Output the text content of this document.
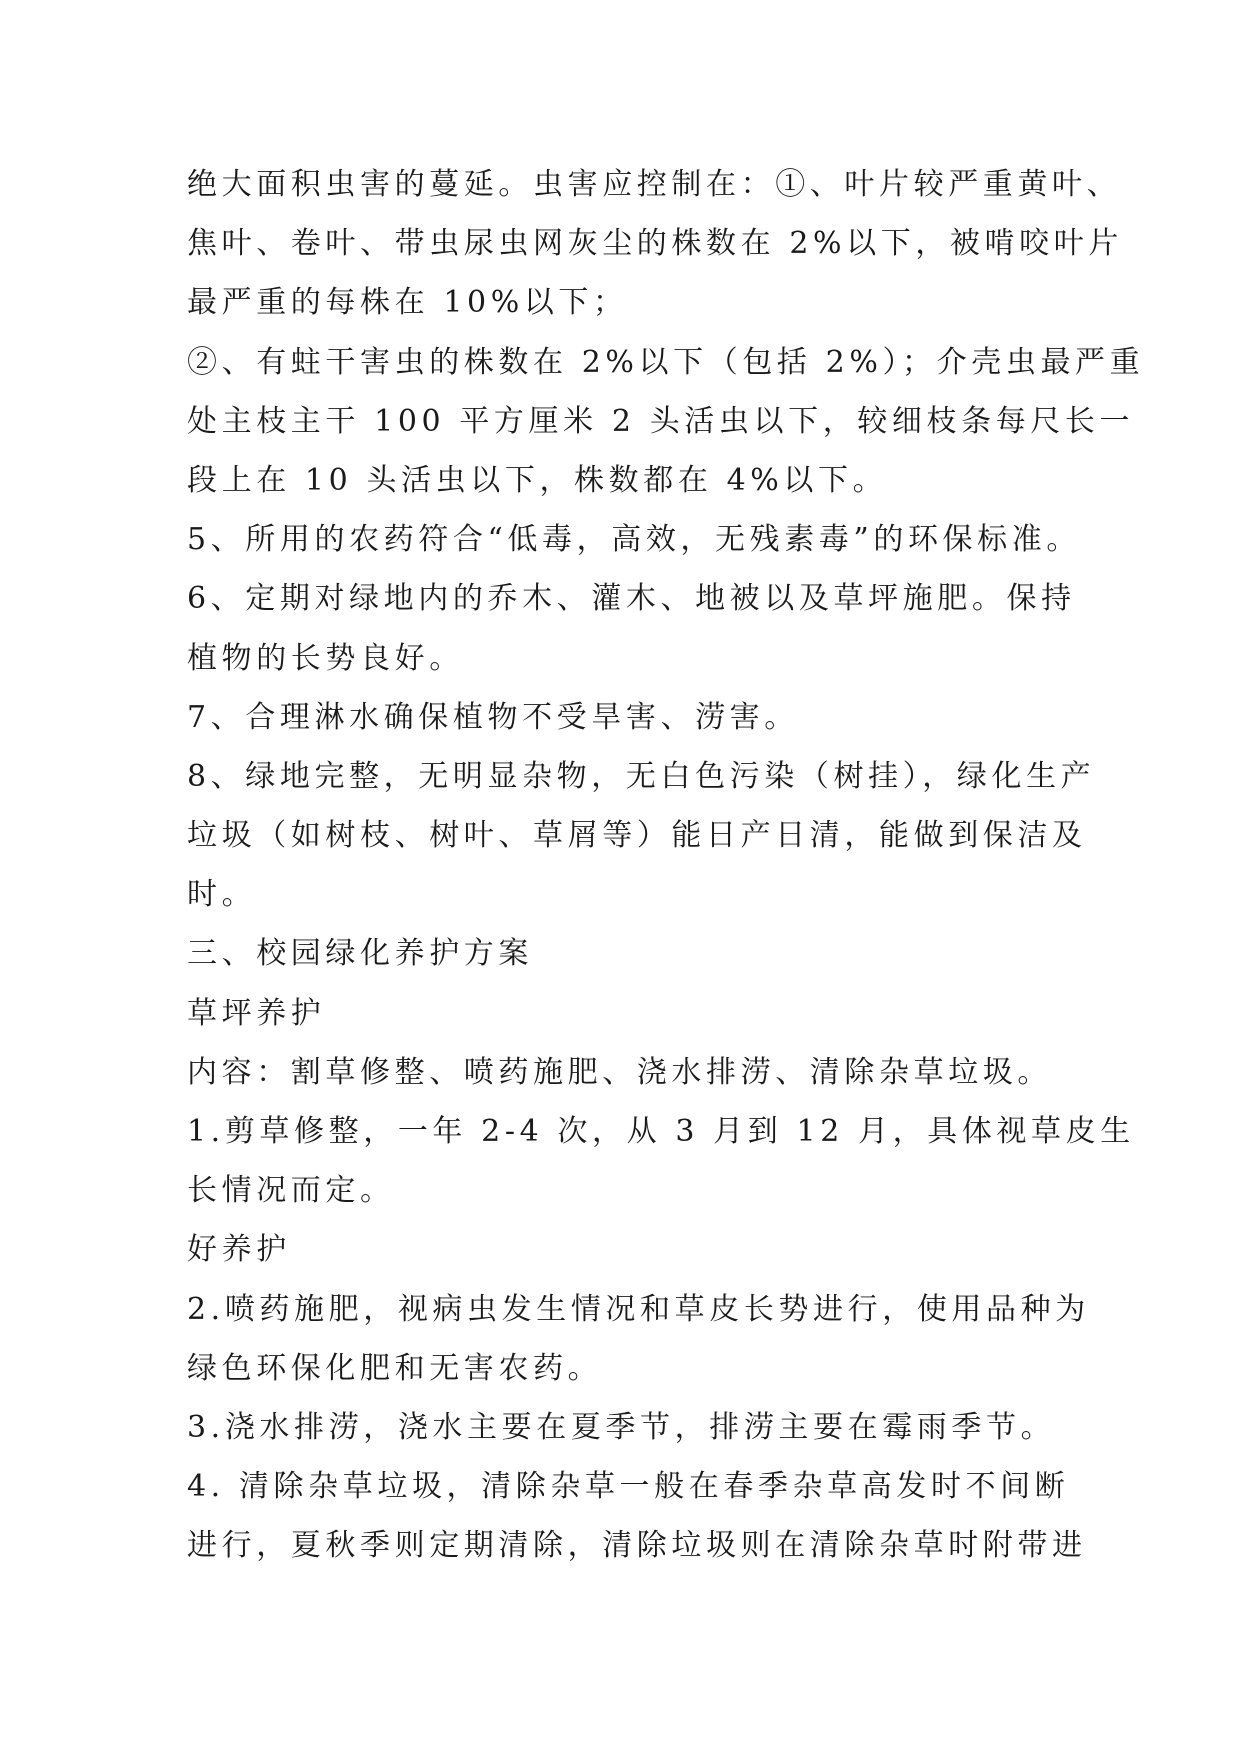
绝大面积虫害的蔓延。虫害应控制在：①、叶片较严重黄叶、
焦叶、卷叶、带虫尿虫网灰尘的株数在 2%以下，被啃咬叶片
最严重的每株在 10%以下；
②、有蛀干害虫的株数在 2%以下（包括 2%）；介壳虫最严重
处主枝主干 100 平方厘米 2 头活虫以下，较细枝条每尺长一
段上在 10 头活虫以下，株数都在 4%以下。
5、所用的农药符合“低毒，高效，无残素毒”的环保标准。
6、定期对绿地内的乔木、灌木、地被以及草坪施肥。保持
植物的长势良好。
7、合理淋水确保植物不受旱害、涝害。
8、绿地完整，无明显杂物，无白色污染（树挂），绿化生产
垃圾（如树枝、树叶、草屑等）能日产日清，能做到保洁及
时。
三、校园绿化养护方案
草坪养护
内容：割草修整、喷药施肥、浇水排涝、清除杂草垃圾。
1.剪草修整，一年 2-4 次，从 3 月到 12 月，具体视草皮生
长情况而定。
好养护
2.喷药施肥，视病虫发生情况和草皮长势进行，使用品种为
绿色环保化肥和无害农药。
3.浇水排涝，浇水主要在夏季节，排涝主要在霉雨季节。
4. 清除杂草垃圾，清除杂草一般在春季杂草高发时不间断
进行，夏秋季则定期清除，清除垃圾则在清除杂草时附带进
